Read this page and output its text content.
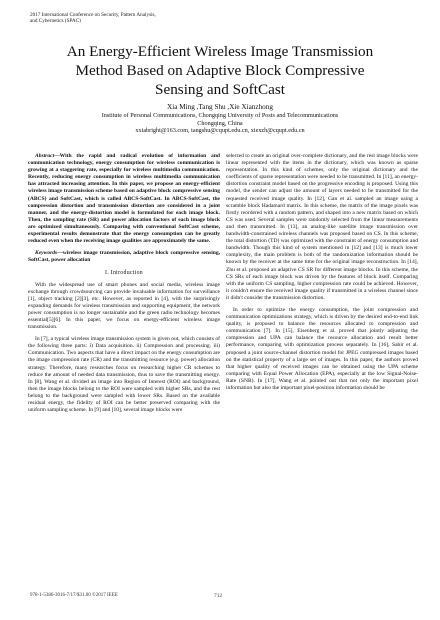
2017 International Conference on Security, Pattern Analysis,
and Cybernetics (SPAC)
An Energy-Efficient Wireless Image Transmission
Method Based on Adaptive Block Compressive
Sensing and SoftCast
Xia Ming ,Tang Shu ,Xie Xianzhong
Institute of Personal Communications, Chongqing University of Posts and Telecommunications
Chongqing, China
xxiabright@163.com, tangshu@cqupt.edu.cn, xiexzh@cqupt.edu.cn

Abstract—With the rapid and radical evolution of information and communication technology, energy consumption for wireless communication is growing at a staggering rate, especially for wireless multimedia communication. Recently, reducing energy consumption in wireless multimedia communication has attracted increasing attention. In this paper, we propose an energy-efficient wireless image transmission scheme based on adaptive block compressive sensing (ABCS) and SoftCast, which is called ABCS-SoftCast. In ABCS-SoftCast, the compression distortion and transmission distortion are considered in a joint manner, and the energy-distortion model is formulated for each image block. Then, the sampling rate (SR) and power allocation factors of each image block are optimized simultaneously. Comparing with conventional SoftCast scheme, experimental results demonstrate that the energy consumption can be greatly reduced even when the receiving image qualities are approximately the same.

Keywords—wireless image transmission, adaptive block compressive sensing, SoftCast, power allocation

I. Introduction

With the widespread use of smart phones and social media, wireless image exchange through crowdsourcing can provide invaluable information for surveillance [1], object tracking [2][3], etc. However, as reported in [4], with the surprisingly expanding demands for wireless transmission and supporting equipment, the network power consumption is no longer sustainable and the green radio technology becomes essential[5][6]. In this paper, we focus on energy-efficient wireless image transmission.

In [7], a typical wireless image transmission system is given out, which consists of the following three parts: i) Data acquisition. ii) Compression and processing. iii) Communication. Two aspects that have a direct impact on the energy consumption are the image compression rate (CR) and the transmitting resource (e.g. power) allocation strategy. Therefore, many researches focus on researching higher CR schemes to reduce the amount of needed data transmission, thus to save the transmitting energy. In [8], Wang et al. divided an image into Region of Interest (ROI) and background, then the image blocks belong to the ROI were sampled with higher SRs, and the rest belong to the background were sampled with lower SRs. Based on the available residual energy, the fidelity of ROI can be better preserved comparing with the uniform sampling scheme. In [9] and [10], several image blocks were

selected to create an original over-complete dictionary, and the rest image blocks were linear represented with the items in the dictionary, which was known as sparse representation. In this kind of schemes, only the original dictionary and the coefficients of sparse representation were needed to be transmitted. In [11], an energy-distortion constraint model based on the progressive encoding is proposed. Using this model, the sender can adjust the amount of layers needed to be transmitted for the requested received image quality. In [12], Gan et al. sampled an image using a scramble block Hadamard matrix. In this scheme, the matrix of the image pixels was firstly reordered with a random pattern, and shaped into a new matrix based on which CS was used. Several samples were randomly selected from the linear measurements and then transmitted. In [13], an analog-like satellite image transmission over bandwidth-constrained wireless channels was proposed based on CS. In this scheme, the total distortion (TD) was optimized with the constraint of energy consumption and bandwidth. Though this kind of system mentioned in [12] and [13] is much lower complexity, the main problem is both of the randomization information should be known by the receiver at the same time for the original image reconstruction. In [14], Zhu et al. proposed an adaptive CS SR for different image blocks. In this scheme, the CS SRs of each image block was driven by the features of block itself. Comparing with the uniform CS sampling, higher compression rate could be achieved. However, it couldn't ensure the received image quality if transmitted in a wireless channel since it didn't consider the transmission distortion.

In order to optimize the energy consumption, the joint compression and communication optimizations strategy, which is driven by the desired end-to-end link quality, is proposed to balance the resources allocated to compression and communication [7]. In [15], Eisenberg et al. proved that jointly adjusting the compression and UPA can balance the resource allocation and result better performance, comparing with optimization process separately. In [16], Sabir et al. proposed a joint source-channel distortion model for JPEG compressed images based on the statistical property of a large set of images. In this paper, the authors proved that higher quality of received images can be obtained using the UPA scheme comparing with Equal Power Allocation (EPA), especially at the low Signal-Noise-Rate (SNR). In [17], Wang et al. pointed out that not only the important pixel information but also the important pixel-position information should be

978-1-5386-3016-7/17/$31.00 ©2017 IEEE	712
